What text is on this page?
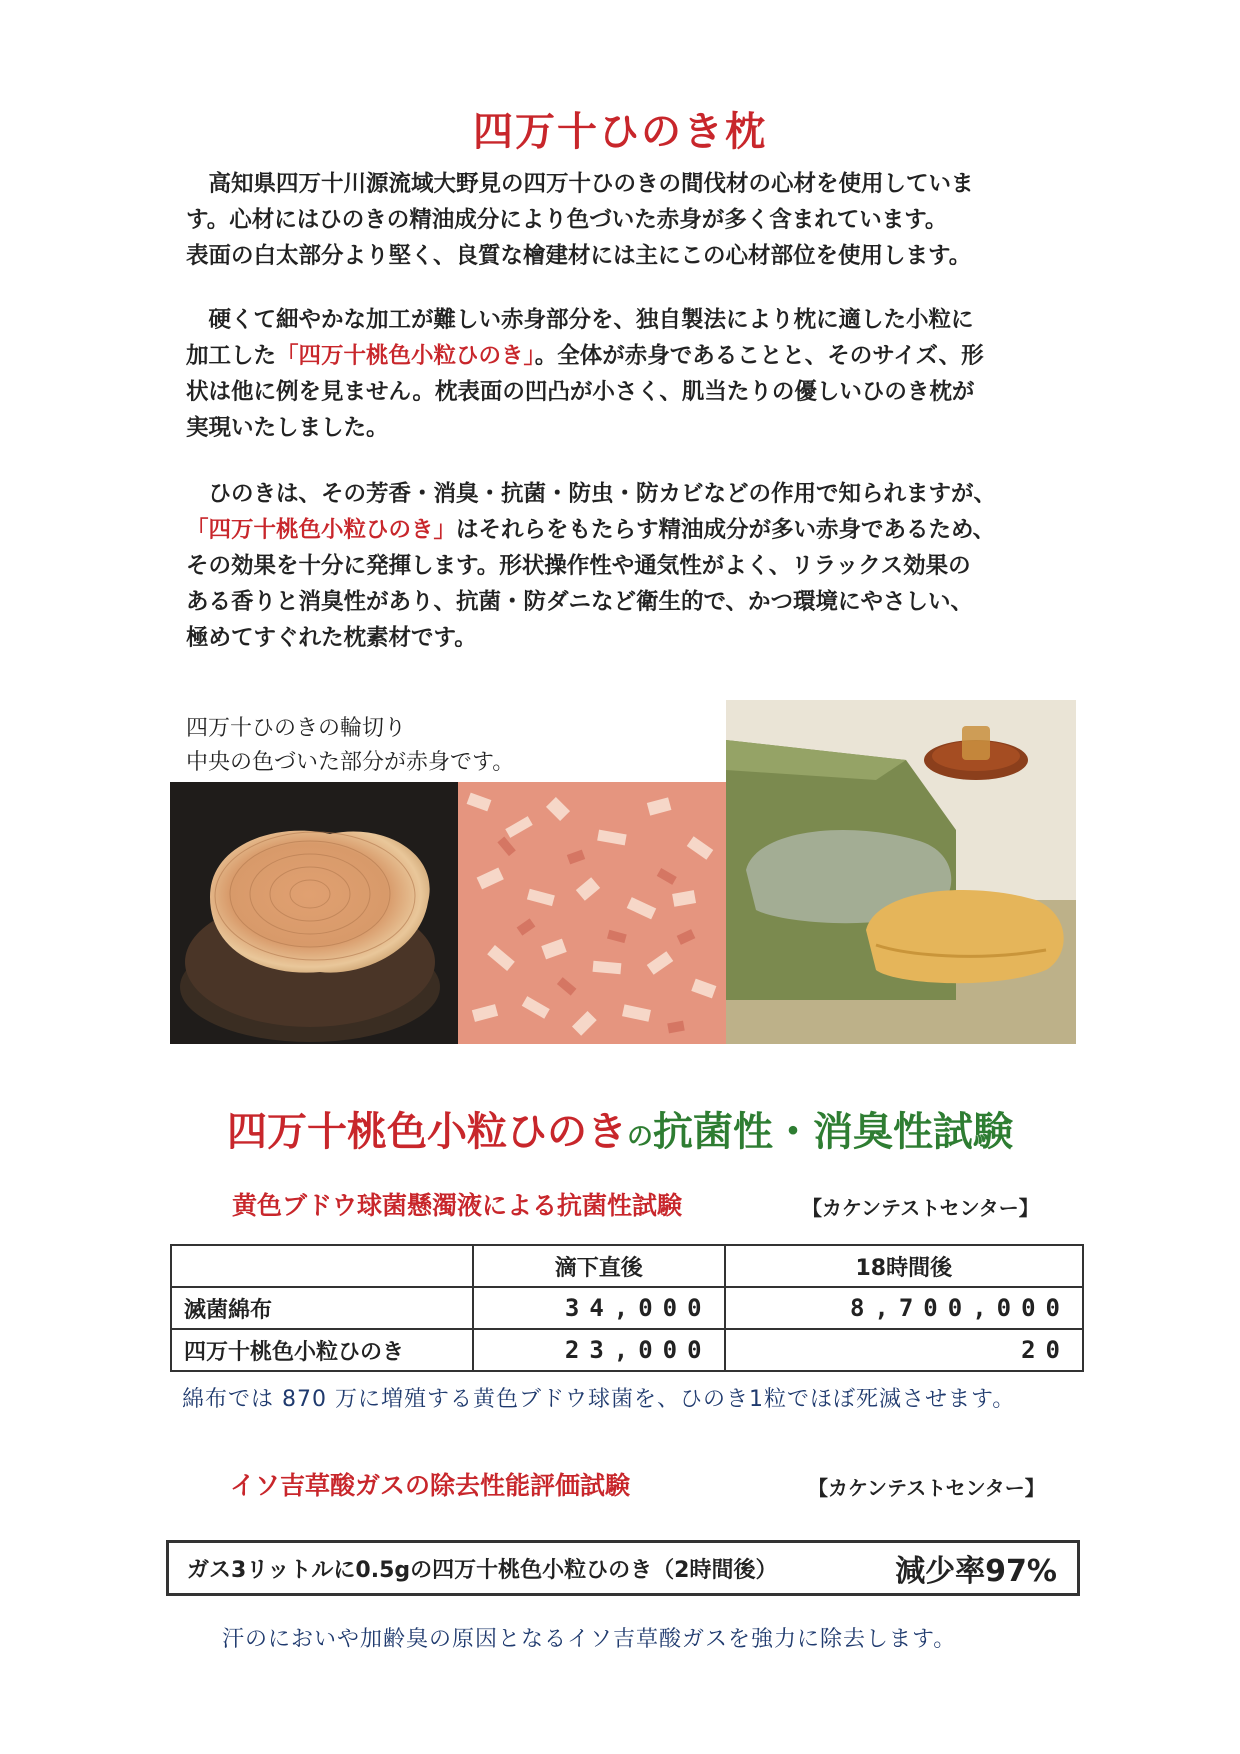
四万十ひのき枕

　高知県四万十川源流域大野見の四万十ひのきの間伐材の心材を使用していま

す。心材にはひのきの精油成分により色づいた赤身が多く含まれています。

表面の白太部分より堅く、良質な檜建材には主にこの心材部位を使用します。

　硬くて細やかな加工が難しい赤身部分を、独自製法により枕に適した小粒に

加工した「四万十桃色小粒ひのき」。全体が赤身であることと、そのサイズ、形

状は他に例を見ません。枕表面の凹凸が小さく、肌当たりの優しいひのき枕が

実現いたしました。

　ひのきは、その芳香・消臭・抗菌・防虫・防カビなどの作用で知られますが、

「四万十桃色小粒ひのき」はそれらをもたらす精油成分が多い赤身であるため、

その効果を十分に発揮します。形状操作性や通気性がよく、リラックス効果の

ある香りと消臭性があり、抗菌・防ダニなど衛生的で、かつ環境にやさしい、

極めてすぐれた枕素材です。

四万十ひのきの輪切り
中央の色づいた部分が赤身です。
四万十桃色小粒ひのきの抗菌性・消臭性試験
黄色ブドウ球菌懸濁液による抗菌性試験	【カケンテストセンター】
	滴下直後	18時間後
滅菌綿布	34,000	8,700,000
四万十桃色小粒ひのき	23,000	20
綿布では 870 万に増殖する黄色ブドウ球菌を、ひのき1粒でほぼ死滅させます。
イソ吉草酸ガスの除去性能評価試験	【カケンテストセンター】
ガス3リットルに0.5gの四万十桃色小粒ひのき（2時間後）	減少率97%
汗のにおいや加齢臭の原因となるイソ吉草酸ガスを強力に除去します。
